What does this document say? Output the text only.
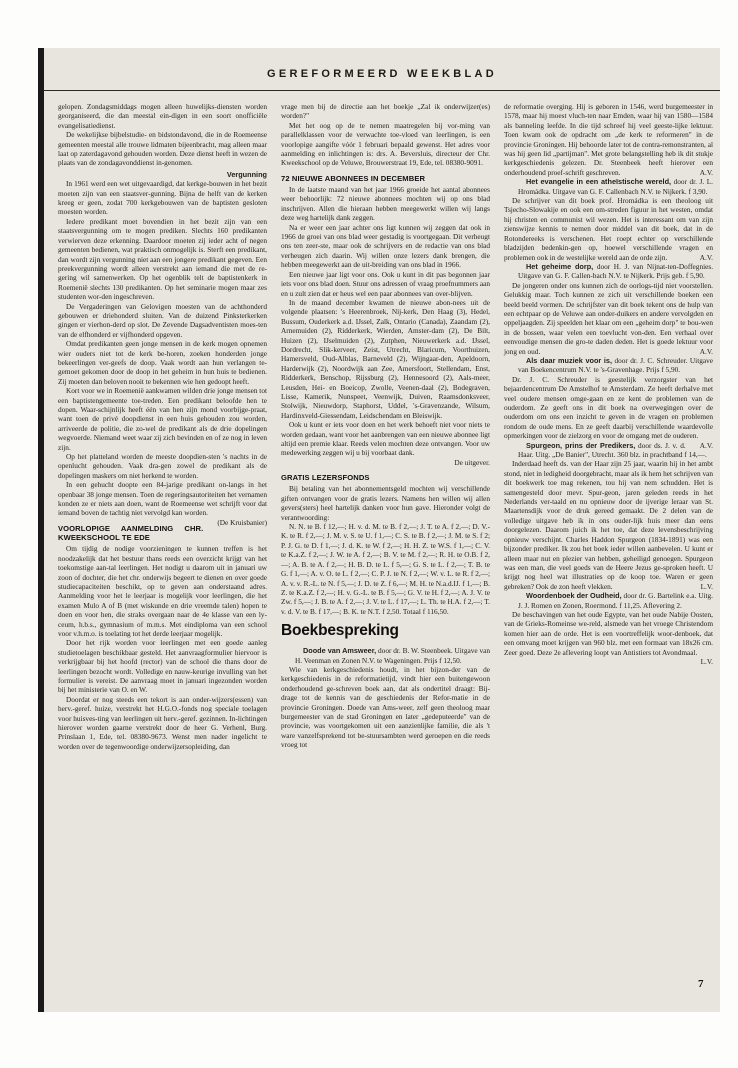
GEREFORMEERD WEEKBLAD

gelopen. Zondagsmiddags mogen alleen huwelijks-diensten worden georganiseerd, die dan meestal ein-digen in een soort onofficiële evangelisatiedienst.

De wekelijkse bijbelstudie- en bidstondavond, die in de Roemeense gemeenten meestal alle trouwe lidmaten bijeenbracht, mag alleen maar laat op zaterdagavond gehouden worden. Deze dienst heeft in wezen de plaats van de zondagavonddienst in-genomen.

Vergunning

In 1961 werd een wet uitgevaardigd, dat kerkge-bouwen in het bezit moeten zijn van een staatsver-gunning. Bijna de helft van de kerken kreeg er geen, zodat 700 kerkgebouwen van de baptisten gesloten moesten worden.

Iedere predikant moet bovendien in het bezit zijn van een staatsvergunning om te mogen prediken. Slechts 160 predikanten verwierven deze erkenning. Daardoor moeten zij ieder acht of negen gemeenten bedienen, wat praktisch onmogelijk is. Sterft een predikant, dan wordt zijn vergunning niet aan een jongere predikant gegeven. Een preekvergunning wordt alleen verstrekt aan iemand die met de re-gering wil samenwerken. Op het ogenblik telt de baptistenkerk in Roemenië slechts 130 predikanten. Op het seminarie mogen maar zes studenten wor-den ingeschreven.

De Vergaderingen van Gelovigen moesten van de achthonderd gebouwen er driehonderd sluiten. Van de duizend Pinksterkerken gingen er vierhon-derd op slot. De Zevende Dagsadventisten moes-ten van de elfhonderd er vijfhonderd opgeven.

Omdat predikanten geen jonge mensen in de kerk mogen opnemen wier ouders niet tot de kerk be-horen, zoeken honderden jonge bekeerlingen ver-geefs de doop. Vaak wordt aan hun verlangen te-gemoet gekomen door de doop in het geheim in hun huis te bedienen. Zij moeten dan beloven nooit te bekennen wie hen gedoopt heeft.

Kort voor we in Roemenië aankwamen wilden drie jonge mensen tot een baptistengemeente toe-treden. Een predikant beloofde hen te dopen. Waar-schijnlijk heeft één van hen zijn mond voorbijge-praat, want toen de privé doopdienst in een huis gehouden zou worden, arriveerde de politie, die zo-wel de predikant als de drie dopelingen wegvoerde. Niemand weet waar zij zich bevinden en of ze nog in leven zijn.

Op het platteland worden de meeste doopdien-sten 's nachts in de openlucht gehouden. Vaak dra-gen zowel de predikant als de dopelingen maskers om niet herkend te worden.

In een gehucht doopte een 84-jarige predikant on-langs in het openbaar 38 jonge mensen. Toen de regeringsautoriteiten het vernamen konden ze er niets aan doen, want de Roemeense wet schrijft voor dat iemand boven de tachtig niet vervolgd kan worden.
(De Kruisbanier)

VOORLOPIGE AANMELDING CHR. KWEEKSCHOOL TE EDE

Om tijdig de nodige voorzieningen te kunnen treffen is het noodzakelijk dat het bestuur thans reeds een overzicht krijgt van het toekomstige aan-tal leerlingen. Het nodigt u daarom uit in januari uw zoon of dochter, die het chr. onderwijs begeert te dienen en over goede studiecapaciteiten beschikt, op te geven aan onderstaand adres. Aanmelding voor het le leerjaar is mogelijk voor leerlingen, die het examen Mulo A of B (met wiskunde en drie vreemde talen) hopen te doen en voor hen, die straks overgaan naar de 4e klasse van een ly-ceum, h.b.s., gymnasium of m.m.s. Met eindiploma van een school voor v.h.m.o. is toelating tot het derde leerjaar mogelijk.

Door het rijk worden voor leerlingen met een goede aanleg studietoelagen beschikbaar gesteld. Het aanvraagformulier hiervoor is verkrijgbaar bij het hoofd (rector) van de school die thans door de leerlingen bezocht wordt. Volledige en nauw-keurige invulling van het formulier is vereist. De aanvraag moet in januari ingezonden worden bij het ministerie van O. en W.

Doordat er nog steeds een tekort is aan onder-wijzers(essen) van herv.-geref. huize, verstrekt het H.G.O.-fonds nog speciale toelagen voor huisves-ting van leerlingen uit herv.-geref. gezinnen. In-lichtingen hierover worden gaarne verstrekt door de heer G. Verhenl, Burg. Prinslaan 1, Ede, tel. 08380-9673. Wenst men nader ingelicht te worden over de tegenwoordige onderwijzersopleiding, dan

vrage men bij de directie aan het boekje „Zal ik onderwijzer(es) worden?"

Met het oog op de te nemen maatregelen bij vor-ming van parallelklassen voor de verwachte toe-vloed van leerlingen, is een voorlopige aangifte vóór 1 februari bepaald gewenst. Het adres voor aanmelding en inlichtingen is: drs. A. Beversluis, directeur der Chr. Kweekschool op de Veluwe, Brouwerstraat 19, Ede, tel. 08380-9091.

72 NIEUWE ABONNEES IN DECEMBER

In de laatste maand van het jaar 1966 groeide het aantal abonnees weer behoorlijk: 72 nieuwe abonnees mochten wij op ons blad inschrijven. Allen die hieraan hebben meegewerkt willen wij langs deze weg hartelijk dank zeggen.

Na er weer een jaar achter ons ligt kunnen wij zeggen dat ook in 1966 de groei van ons blad weer gestadig is voortgegaan. Dit verheugt ons ten zeer-ste, maar ook de schrijvers en de redactie van ons blad verheugen zich daarin. Wij willen onze lezers dank brengen, die hebben meegewerkt aan de uit-breiding van ons blad in 1966.

Een nieuwe jaar ligt voor ons. Ook u kunt in dit pas begonnen jaar iets voor ons blad doen. Stuur ons adressen of vraag proefnummers aan en u zult zien dat er heus wel een paar abonnees van over-blijven.

In de maand december kwamen de nieuwe abon-nees uit de volgende plaatsen: 's Heerenbroek, Nij-kerk, Den Haag (3), Hedel, Bussum, Ouderkerk a.d. IJssel, Zalk, Ontario (Canada), Zaandam (2), Arnemuiden (2), Ridderkerk, Wierden, Amster-dam (2), De Bilt, Huizen (2), IJselmuiden (2), Zutphen, Nieuwerkerk a.d. IJssel, Dordrecht, Slik-kerveer, Zeist, Utrecht, Blaricum, Voorthuizen, Hamersveld, Oud-Alblas, Barneveld (2), Wijngaar-den, Apeldoorn, Harderwijk (2), Noordwijk aan Zee, Amersfoort, Stellendam, Enst, Ridderkerk, Benschop, Rijssburg (2), Hennesoord (2), Aals-meer, Leusden, Hei- en Boeicop, Zwolle, Veenen-daal (2), Bodegraven, Lisse, Kamerik, Nunspeet, Veenwijk, Duiven, Raamsdonksveer, Stolwijk, Nieuwdorp, Staphorst, Uddel, 's-Gravenzande, Wilsum, Hardinxveld-Giessendam, Leidschendam en Bleiswijk.

Ook u kunt er iets voor doen en het werk behoeft niet voor niets te worden gedaan, want voor het aanbrengen van een nieuwe abonnee ligt altijd een premie klaar. Reeds velen mochten deze ontvangen. Voor uw medewerking zeggen wij u bij voorbaat dank.

De uitgever.
GRATIS LEZERSFONDS

Bij betaling van het abonnementsgeld mochten wij verschillende giften ontvangen voor de gratis lezers. Namens hen willen wij allen gevers(sters) heel hartelijk danken voor hun gave. Hieronder volgt de verantwoording:

N. N. te B. f 12,—; H. v. d. M. te B. f 2,—; J. T. te A. f 2,—; D. V.-K. te R. f 2,—; J. M. v. S. te U. f 1,—; C. S. te B. f 2,—; J. M. te S. f 2; P. J. G. te D. f 1,—; J. d. K. te W. f 2,—; H. H. Z. te W.S. f 1,—; C. V. te K.a.Z. f 2,—; J. W. te A. f 2,—; B. V. te M. f 2,—; R. H. te O.B. f 2,—; A. B. te A. f 2,—; H. B. D. te L. f 5,—; G. S. te L. f 2,—; T. B. te G. f 1,—; A. v. O. te L. f 2,—; C. P. J. te N. f 2,—; W. v. L. te R. f 2,—; A. v. v. R.-L. te N. f 5,—; J. D. te Z. f 6,—; M. H. te N.a.d.IJ. f 1,—; B. Z. te K.a.Z. f 2,—; H. v. G.-L. te B. f 5,—; G. V. te H. f 2,—; A. J. V. te Zw. f 5,—; J. B. te A. f 2,—; J. V. te L. f 17,—; L. Th. te H.A. f 2,—; T. v. d. V. te B. f 17,—; B. K. te N.T. f 2,50. Totaal f 116,50.

Boekbespreking

Doode van Amsweer, door dr. B. W. Steenbeek. Uitgave van H. Veenman en Zonen N.V. te Wageningen. Prijs f 12,50.

Wie van kerkgeschiedenis houdt, in het bijzon-der van de kerkgeschiedenis in de reformatietijd, vindt hier een buitengewoon onderhoudend ge-schreven boek aan, dat als ondertitel draagt: Bij-drage tot de kennis van de geschiedenis der Refor-matie in de provincie Groningen. Doede van Ams-weer, zelf geen theoloog maar burgemeester van de stad Groningen en later „gedeputeerde" van de provincie, was voortgekomen uit een aanzienlijke familie, die als 't ware vanzelfsprekend tot be-stuursambten werd geroepen en die reeds vroeg tot

de reformatie overging. Hij is geboren in 1546, werd burgemeester in 1578, maar hij moest vluch-ten naar Emden, waar hij van 1580—1584 als banneling leefde. In die tijd schreef hij veel geeste-lijke lektuur. Toen kwam ook de opdracht om „de kerk te reformeren" in de provincie Groningen. Hij behoorde later tot de contra-remonstranten, al was hij geen lid „partijman". Met grote belangstelling heb ik dit stukje kerkgeschiedenis gelezen. Dr. Steenbeek heeft hierover een onderhoudend proef-schrift geschreven.	A.V.

Het evangelie in een atheïstische wereld, door dr. J. L. Hromádka. Uitgave van G. F. Callenbach N.V. te Nijkerk. f 3,90.

De schrijver van dit boek prof. Hromádka is een theoloog uit Tsjecho-Slowakije en ook een om-streden figuur in het westen, omdat hij christen en communist wil wezen. Het is interessant om van zijn zienswijze kennis te nemen door middel van dit boek, dat in de Rotondereeks is verschenen. Het roept echter op verschillende bladzijden bedenkin-gen op, hoewel verschillende vragen en problemen ook in de westelijke wereld aan de orde zijn.	A.V.

Het geheime dorp, door H. J. van Nijnat-ten-Doffegnies. Uitgave van G. F. Callen-bach N.V. te Nijkerk. Prijs geb. f 5,90.

De jongeren onder ons kunnen zich de oorlogs-tijd niet voorstellen. Gelukkig maar. Toch kunnen ze zich uit verschillende boeken een beeld beeld vormen. De schrijfster van dit boek tekent ons de hulp van een echtpaar op de Veluwe aan onder-duikers en andere vervolgden en oppeljaagden. Zij speelden het klaar om een „geheim dorp" te bou-wen in de bossen, waar velen een toevlucht von-den. Een verhaal over eenvoudige mensen die gro-te daden deden. Het is goede lektuur voor jong en oud.	A.V.

Als daar muziek voor is, door dr. J. C. Schreuder. Uitgave van Boekencentrum N.V. te 's-Gravenhage. Prijs f 5,90.

Dr. J. C. Schreuder is geestelijk verzorgster van het bejaardencentrum De Amstelhof te Amsterdam. Ze heeft derhalve met veel oudere mensen omge-gaan en ze kent de problemen van de ouderdom. Ze geeft ons in dit boek na overwegingen over de ouderdom om ons een inzicht te geven in de vragen en problemen rondom de oude mens. En ze geeft daarbij verschillende waardevolle opmerkingen voor de zielzorg en voor de omgang met de ouderen.
A.V.

Spurgeon, prins der Predikers, door ds. J. v. d. Haar. Uitg. „De Banier", Utrecht. 360 blz. in prachtband f 14,—.

Inderdaad heeft ds. van der Haar zijn 25 jaar, waarin hij in het ambt stond, niet in ledigheid doorgebracht, maar als ik hem het schrijven van dit boekwerk toe mag rekenen, tou hij van nem schudden. Het is samengesteld door mevr. Spur-geon, jaren geleden reeds in het Nederlands ver-taald en nu opnieuw door de ijverige leraar van St. Maartensdijk voor de druk gereed gemaakt. De 2 delen van de volledige uitgave heb ik in ons ouder-lijk huis meer dan eens doorgelezen. Daarom juich ik het toe, dat deze levensbeschrijving opnieuw verschijnt. Charles Haddon Spurgeon (1834-1891) was een bijzonder prediker. Ik zou het boek ieder willen aanbevelen. U kunt er alleen maar nut en plezier van hebben, geheiligd genoegen. Spurgeon was een man, die veel goeds van de Heere Jezus ge-sproken heeft. U krijgt nog heel wat illustraties op de koop toe. Waren er geen gebreken? Ook de zon heeft vlekken.	L.V.

Woordenboek der Oudheid, door dr. G. Bartelink e.a. Uitg. J. J. Romen en Zonen, Roermond. f 11,25. Aflevering 2.

De beschavingen van het oude Egypte, van het oude Nabije Oosten, van de Grieks-Romeinse we-reld, alsmede van het vroege Christendom komen hier aan de orde. Het is een voortreffelijk woor-denboek, dat een omvang moet krijgen van 960 blz. met een formaat van 18x26 cm. Zeer goed. Deze 2e aflevering loopt van Antistiers tot Avondmaal.
L.V.

7
